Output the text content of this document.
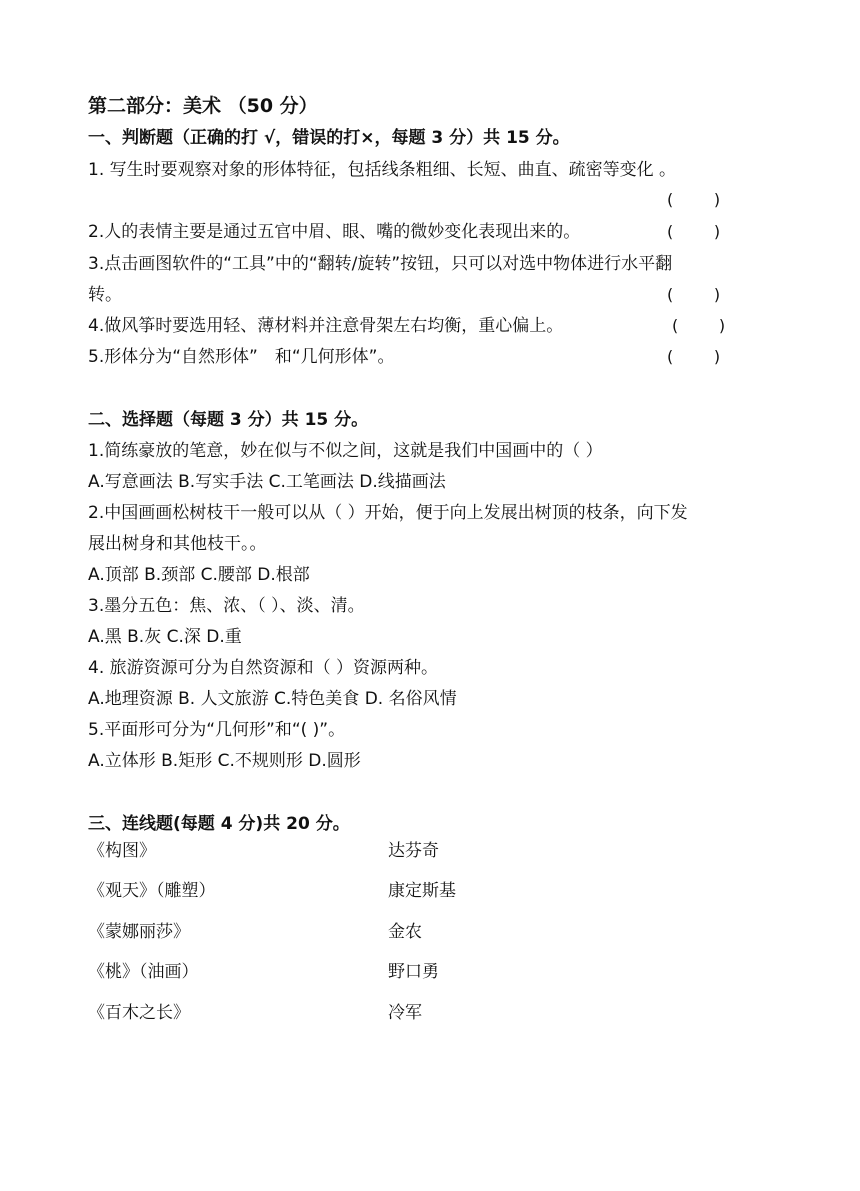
第二部分：美术 （50 分）
一、判断题（正确的打 √，错误的打×，每题 3 分）共 15 分。
1. 写生时要观察对象的形体特征，包括线条粗细、长短、曲直、疏密等变化 。
(        )
2.人的表情主要是通过五官中眉、眼、嘴的微妙变化表现出来的。	(        )
3.点击画图软件的“工具”中的“翻转/旋转”按钮，只可以对选中物体进行水平翻
转。	(        )
4.做风筝时要选用轻、薄材料并注意骨架左右均衡，重心偏上。	(        )
5.形体分为“自然形体”　和“几何形体”。	(        )
二、选择题（每题 3 分）共 15 分。
1.简练豪放的笔意，妙在似与不似之间，这就是我们中国画中的（ ）
A.写意画法 B.写实手法 C.工笔画法 D.线描画法
2.中国画画松树枝干一般可以从（ ）开始，便于向上发展出树顶的枝条，向下发
展出树身和其他枝干。。
A.顶部 B.颈部 C.腰部 D.根部
3.墨分五色：焦、浓、（ ）、淡、清。
A.黑 B.灰 C.深 D.重
4. 旅游资源可分为自然资源和（ ）资源两种。
A.地理资源 B. 人文旅游 C.特色美食 D. 名俗风情
5.平面形可分为“几何形”和“( )”。
A.立体形 B.矩形 C.不规则形 D.圆形
三、连线题(每题 4 分)共 20 分。
《构图》	达芬奇
《观天》（雕塑）	康定斯基
《蒙娜丽莎》	金农
《桃》（油画）	野口勇
《百木之长》	冷军
